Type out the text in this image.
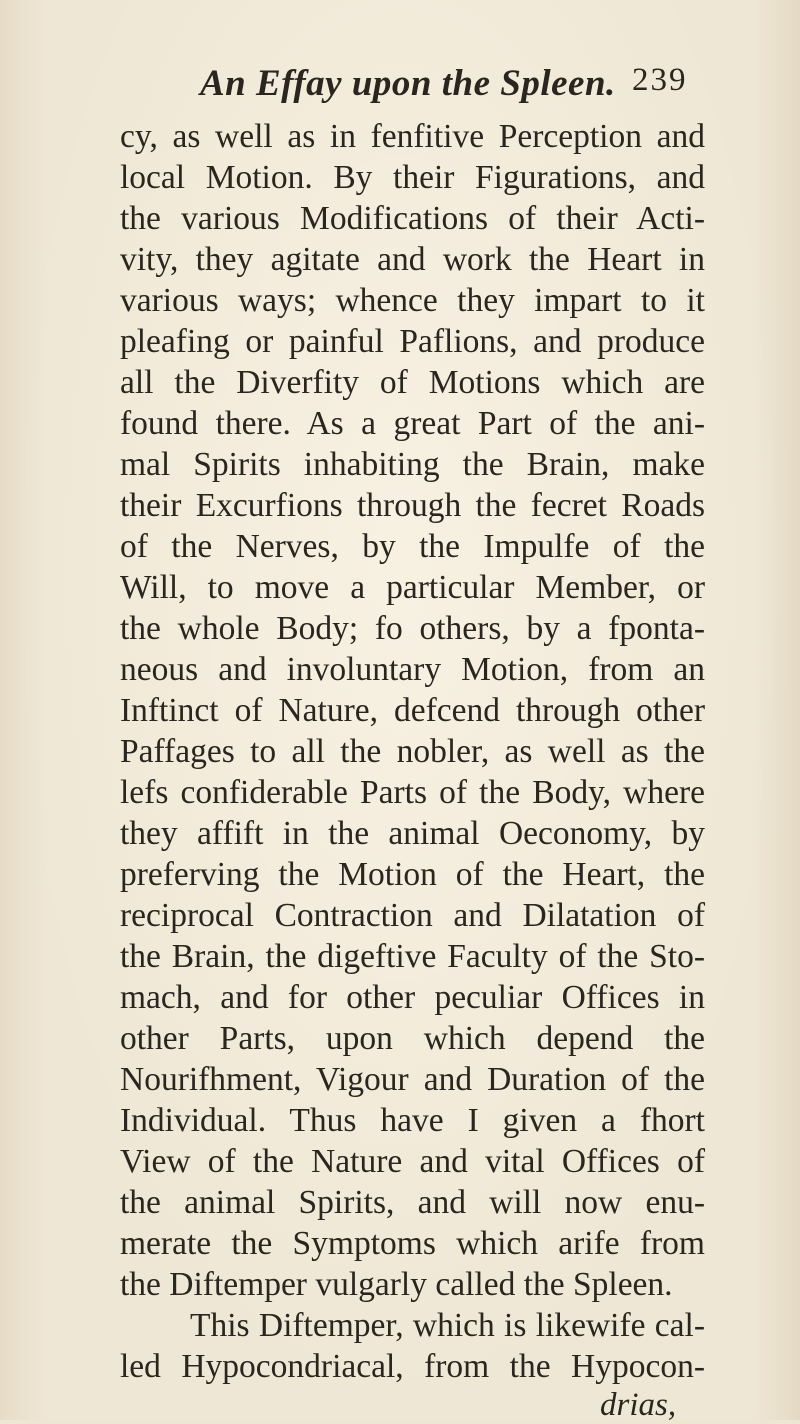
An Effay upon the Spleen. 239
cy, as well as in fenfitive Perception and
local Motion. By their Figurations, and
the various Modifications of their Acti-
vity, they agitate and work the Heart in
various ways; whence they impart to it
pleafing or painful Paflions, and produce
all the Diverfity of Motions which are
found there. As a great Part of the ani-
mal Spirits inhabiting the Brain, make
their Excurfions through the fecret Roads
of the Nerves, by the Impulfe of the
Will, to move a particular Member, or
the whole Body; fo others, by a fponta-
neous and involuntary Motion, from an
Inftinct of Nature, defcend through other
Paffages to all the nobler, as well as the
lefs confiderable Parts of the Body, where
they affift in the animal Oeconomy, by
preferving the Motion of the Heart, the
reciprocal Contraction and Dilatation of
the Brain, the digeftive Faculty of the Sto-
mach, and for other peculiar Offices in
other Parts, upon which depend the
Nourifhment, Vigour and Duration of the
Individual. Thus have I given a fhort
View of the Nature and vital Offices of
the animal Spirits, and will now enu-
merate the Symptoms which arife from
the Diftemper vulgarly called the Spleen.
This Diftemper, which is likewife cal-
led Hypocondriacal, from the Hypocon-
drias,
